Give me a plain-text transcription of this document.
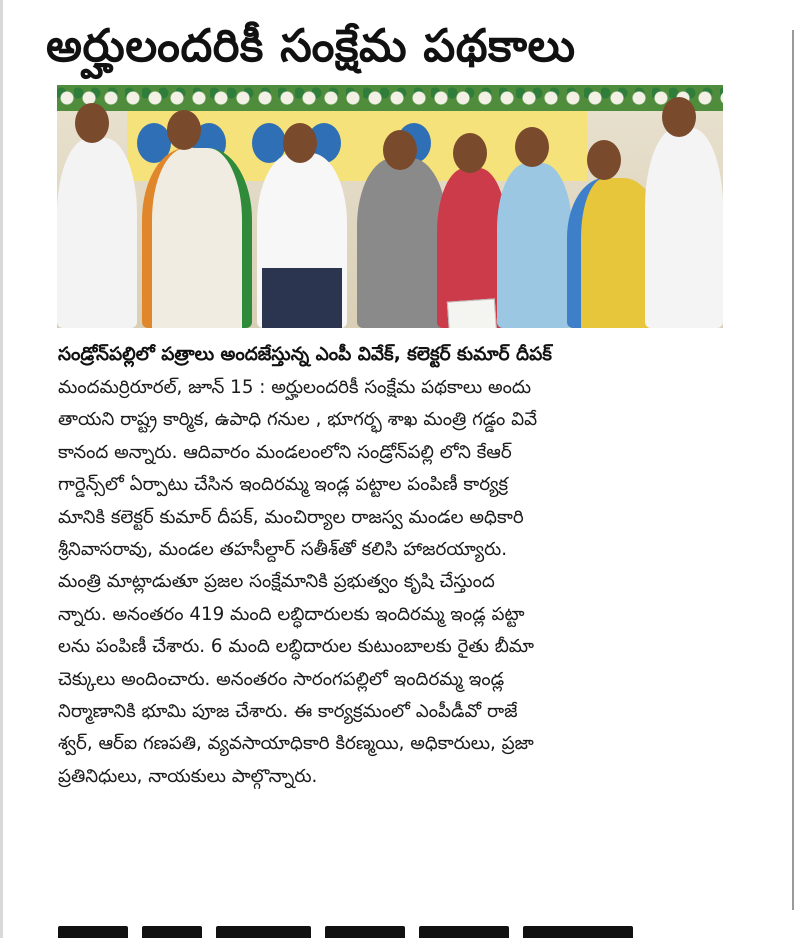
అర్హులందరికీ సంక్షేమ పథకాలు
సండ్రోన్‌పల్లిలో పత్రాలు అందజేస్తున్న ఎంపీ వివేక్‌, కలెక్టర్‌ కుమార్‌ దీపక్‌
మందమర్రిరూరల్‌, జూన్‌ 15 : అర్హులందరికీ సంక్షేమ పథకాలు అందు
తాయని రాష్ట్ర కార్మిక, ఉపాధి గనుల , భూగర్భ శాఖ మంత్రి గడ్డం వివే
కానంద అన్నారు. ఆదివారం మండలంలోని సండ్రోన్‌పల్లి లోని కేఆర్‌
గార్డెన్స్‌లో ఏర్పాటు చేసిన ఇందిరమ్మ ఇండ్ల పట్టాల పంపిణీ కార్యక్ర
మానికి కలెక్టర్‌ కుమార్‌ దీపక్‌, మంచిర్యాల రాజస్వ మండల అధికారి
శ్రీనివాసరావు, మండల తహసీల్దార్‌ సతీశ్‌తో కలిసి హాజరయ్యారు.
మంత్రి మాట్లాడుతూ ప్రజల సంక్షేమానికి ప్రభుత్వం కృషి చేస్తుంద
న్నారు. అనంతరం 419 మంది లబ్ధిదారులకు ఇందిరమ్మ ఇండ్ల పట్టా
లను పంపిణీ చేశారు. 6 మంది లబ్ధిదారుల కుటుంబాలకు రైతు బీమా
చెక్కులు అందించారు. అనంతరం సారంగపల్లిలో ఇందిరమ్మ ఇండ్ల
నిర్మాణానికి భూమి పూజ చేశారు. ఈ కార్యక్రమంలో ఎంపీడీవో రాజే
శ్వర్‌, ఆర్‌ఐ గణపతి, వ్యవసాయాధికారి కిరణ్మయి, అధికారులు, ప్రజా
ప్రతినిధులు, నాయకులు పాల్గొన్నారు.
